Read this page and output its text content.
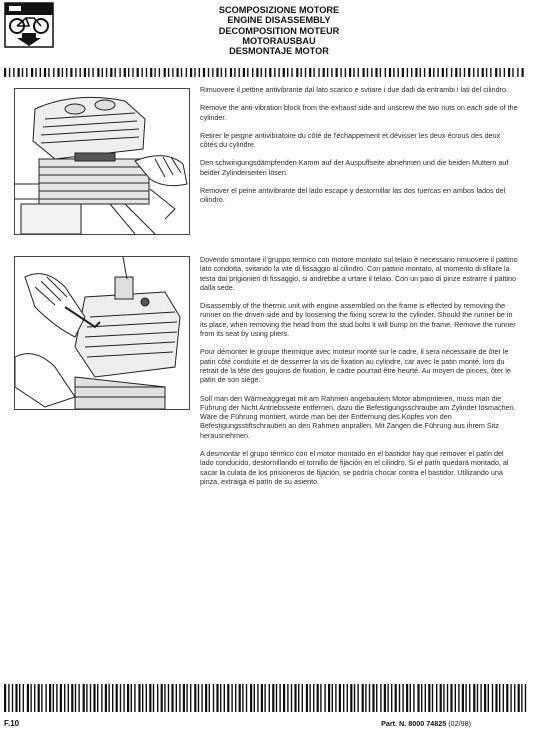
SCOMPOSIZIONE MOTORE
ENGINE DISASSEMBLY
DECOMPOSITION MOTEUR
MOTORAUSBAU
DESMONTAJE MOTOR

Rimuovere il pettine antivibrante dal lato scarico e svitare i due dadi da entrambi i lati del cilindro.

Remove the anti-vibration block from the exhaust side and unscrew the two nuts on each side of the cylinder.

Retirer le peigne antivibratoire du côté de l'échappement et dévisser les deux écrous des deux côtés du cylindre.

Den schwingungsdämpfenden Kamm auf der Auspuffseite abnehmen und die beiden Muttern auf beider Zylinderseiten lösen.

Remover el peine antivibrante del lado escape y destornillar las dos tuercas en ambos lados del cilindro.

Dovendo smontare il gruppo termico con motore montato sul telaio è necessario rimuovere il pattino lato condotta, svitando la vite di fissaggio al cilindro. Con pattino montato, al momento di sfilare la testa dai prigionieri di fissaggio, si andrebbe a urtare il telaio. Con un paio di pinze estrarre il pattino dalla sede.

Disassembly of the thermic unit with engine assembled on the frame is effected by removing the runner on the driven side and by loosening the fixing screw to the cylinder. Should the runner be in its place, when removing the head from the stud bolts it will bump on the frame. Remove the runner from its seat by using pliers.

Pour démonter le groupe thermique avec moteur monté sur le cadre, il sera nécessaire de ôter le patin côté conduite et de desserrer la vis de fixation au cylindre, car avec le patin monté, lors du retrait de la tête des goujons de fixation, le cadre pourrait être heurté. Au moyen de pinces, ôter le patin de son siège.

Soll man den Wärmeaggregat mit am Rahmen angebautem Motor abmontieren, muss man die Führung der Nicht Antriebsseite entfernen, dazu die Befestigungsschraube am Zylinder lösmachen. Wäre die Führung montiert, würde man bei der Entfernung des Kopfes von den Befestigungsstiftschrauben an den Rahmen anprallen. Mit Zangen die Führung aus ihrem Sitz herausnehmen.

A desmontar el grupo térmico con el motor montado en el bastidor hay que remover el patín del lado conducido, destornillando el tornillo de fijación en el cilindro. Si el patín quedará montado, al sacar la culata de los prisioneros de fijación, se podría chocar contra el bastidor. Utilizando una pinza, extraiga el patín de su asiento.

F.10	Part. N. 8000 74825 (02/98)
